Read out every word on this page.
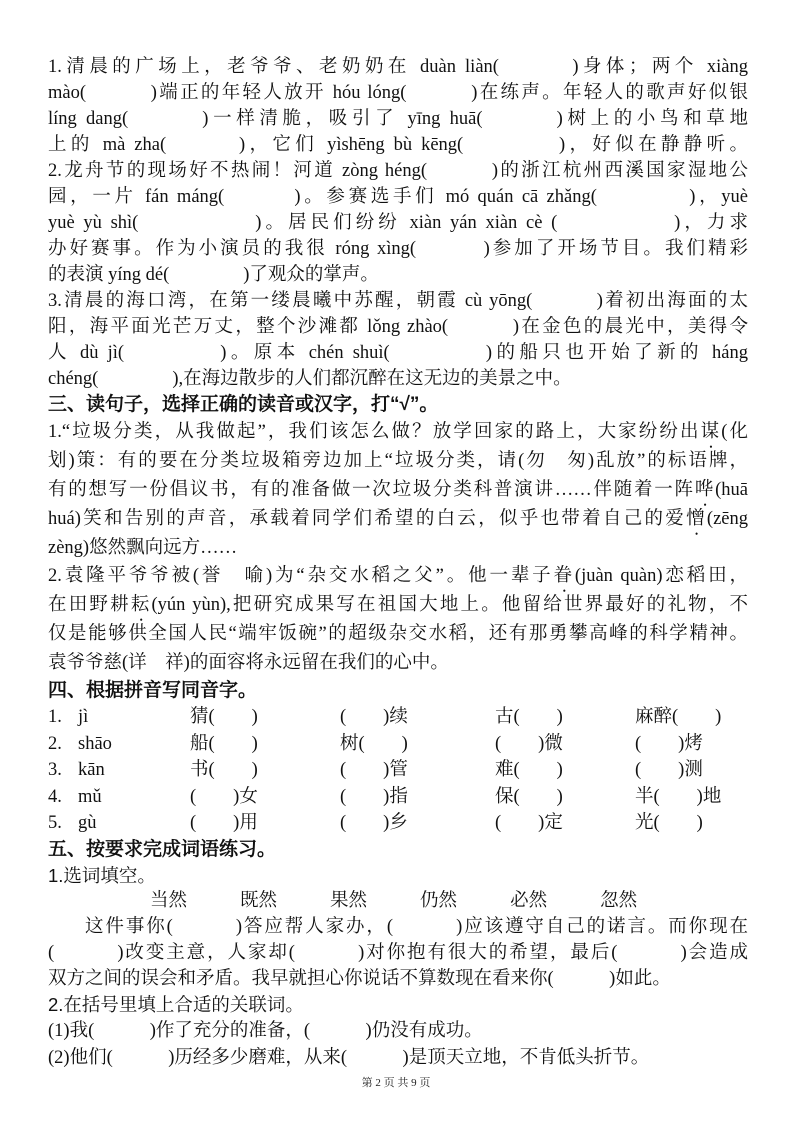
1.清晨的广场上，老爷爷、老奶奶在 duàn liàn(　　　)身体；两个 xiàng
mào(　　　)端正的年轻人放开 hóu lóng(　　　)在练声。年轻人的歌声好似银
líng dang(　　　)一样清脆，吸引了 yīng huā(　　　)树上的小鸟和草地
上的 mà zha(　　　)，它们 yìshēng bù kēng(　　　　)，好似在静静听。
2.龙舟节的现场好不热闹！河道 zòng héng(　　　)的浙江杭州西溪国家湿地公
园，一片 fán máng(　　　)。参赛选手们 mó quán cā zhǎng(　　　　)，yuè
yuè yù shì(　　　　　)。居民们纷纷 xiàn yán xiàn cè (　　　　　)，力求
办好赛事。作为小演员的我很 róng xìng(　　　)参加了开场节目。我们精彩
的表演 yíng dé(　　　　)了观众的掌声。
3.清晨的海口湾，在第一缕晨曦中苏醒，朝霞 cù yōng(　　　)着初出海面的太
阳，海平面光芒万丈，整个沙滩都 lǒng zhào(　　　)在金色的晨光中，美得令
人 dù jì(　　　　)。原本 chén shuì(　　　　)的船只也开始了新的 háng
chéng(　　　　),在海边散步的人们都沉醉在这无边的美景之中。
三、读句子，选择正确的读音或汉字，打“√”。
1.“垃圾分类，从我做起”，我们该怎么做？放学回家的路上，大家纷纷出谋(化
划)策：有的要在分类垃圾箱旁边加上“垃圾分类，请(勿　匆)乱放”的标语牌，
有的想写一份倡议书，有的准备做一次垃圾分类科普演讲……伴随着一阵哗(huā
huá)笑和告别的声音，承载着同学们希望的白云，似乎也带着自己的爱憎(zēng
zèng)悠然飘向远方……
2.袁隆平爷爷被(誉　喻)为“杂交水稻之父”。他一辈子眷(juàn quàn)恋稻田，
在田野耕耘(yún yùn),把研究成果写在祖国大地上。他留给世界最好的礼物，不
仅是能够供全国人民“端牢饭碗”的超级杂交水稻，还有那勇攀高峰的科学精神。
袁爷爷慈(详　祥)的面容将永远留在我们的心中。
四、根据拼音写同音字。
1. jì	猜(　　)	(　　)续	古(　　)	麻醉(　　)
2. shāo	船(　　)	树(　　)	(　　)微	(　　)烤
3. kān	书(　　)	(　　)管	难(　　)	(　　)测
4. mǔ	(　　)女	(　　)指	保(　　)	半(　　)地
5. gù	(　　)用	(　　)乡	(　　)定	光(　　)
五、按要求完成词语练习。
1.选词填空。
当然	既然	果然	仍然	必然	忽然
这件事你(　　　)答应帮人家办，(　　　)应该遵守自己的诺言。而你现在
(　　　)改变主意，人家却(　　　)对你抱有很大的希望，最后(　　　)会造成
双方之间的误会和矛盾。我早就担心你说话不算数现在看来你(　　　)如此。
2.在括号里填上合适的关联词。
(1)我(　　　)作了充分的准备，(　　　)仍没有成功。
(2)他们(　　　)历经多少磨难，从来(　　　)是顶天立地，不肯低头折节。
第 2 页 共 9 页
